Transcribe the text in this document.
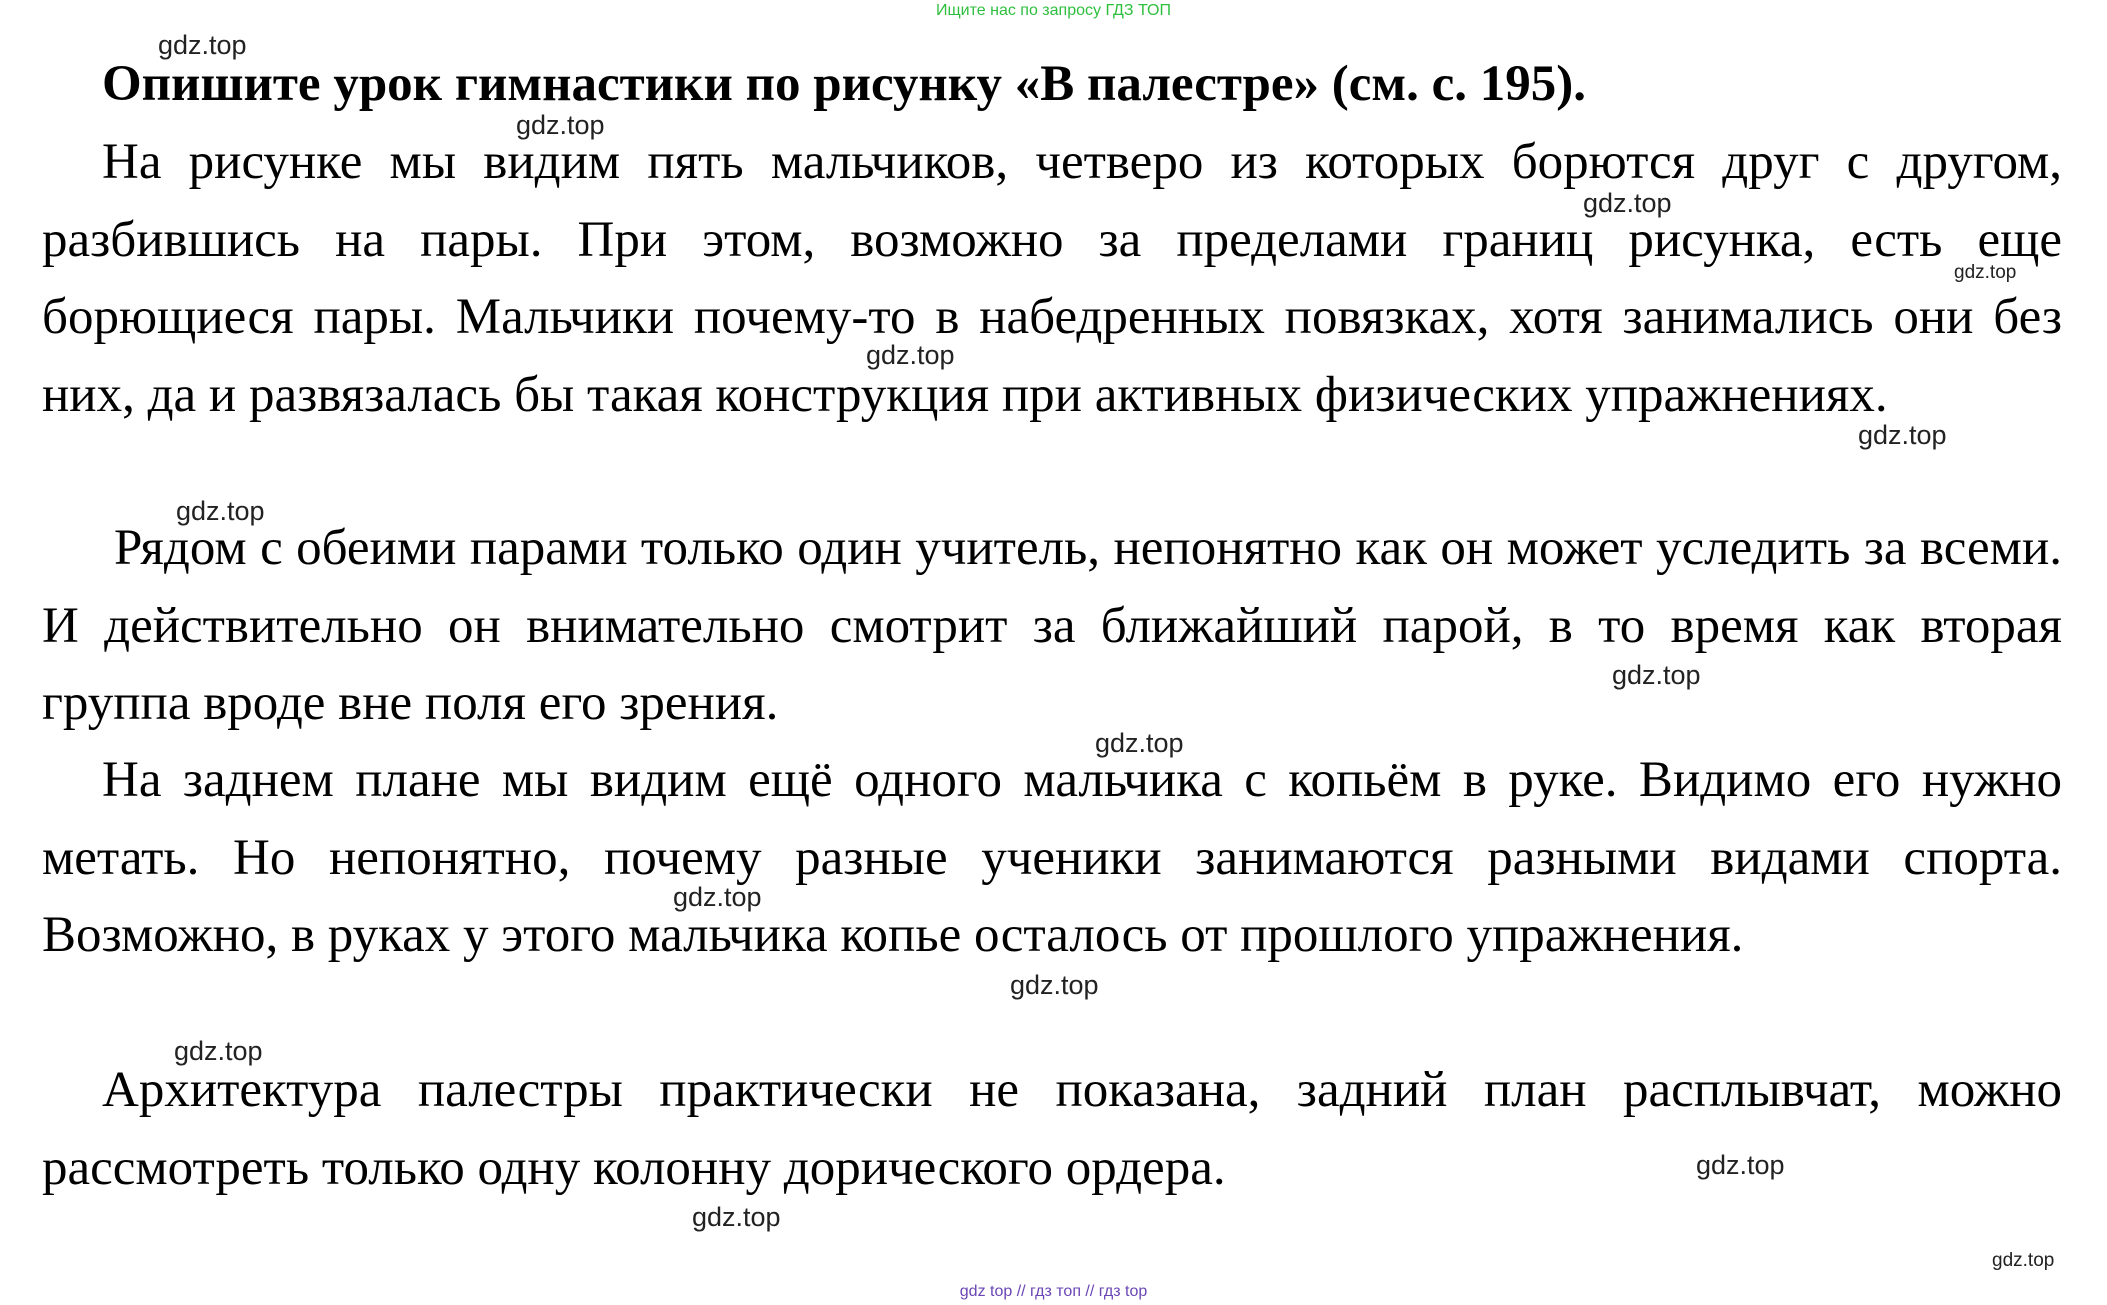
Ищите нас по запросу ГДЗ ТОП
Опишите урок гимнастики по рисунку «В палестре» (см. с. 195).

На рисунке мы видим пять мальчиков, четверо из которых борются друг с другом, разбившись на пары. При этом, возможно за пределами границ рисунка, есть еще борющиеся пары. Мальчики почему-то в набедренных повязках, хотя занимались они без них, да и развязалась бы такая конструкция при активных физических упражнениях.

Рядом с обеими парами только один учитель, непонятно как он может уследить за всеми. И действительно он внимательно смотрит за ближайший парой, в то время как вторая группа вроде вне поля его зрения.

На заднем плане мы видим ещё одного мальчика с копьём в руке. Видимо его нужно метать. Но непонятно, почему разные ученики занимаются разными видами спорта. Возможно, в руках у этого мальчика копье осталось от прошлого упражнения.

Архитектура палестры практически не показана, задний план расплывчат, можно рассмотреть только одну колонну дорического ордера.

gdz.top
gdz.top
gdz.top
gdz.top
gdz.top
gdz.top
gdz.top
gdz.top
gdz.top
gdz.top
gdz.top
gdz.top
gdz.top
gdz.top
gdz.top
gdz top // гдз топ // гдз top
